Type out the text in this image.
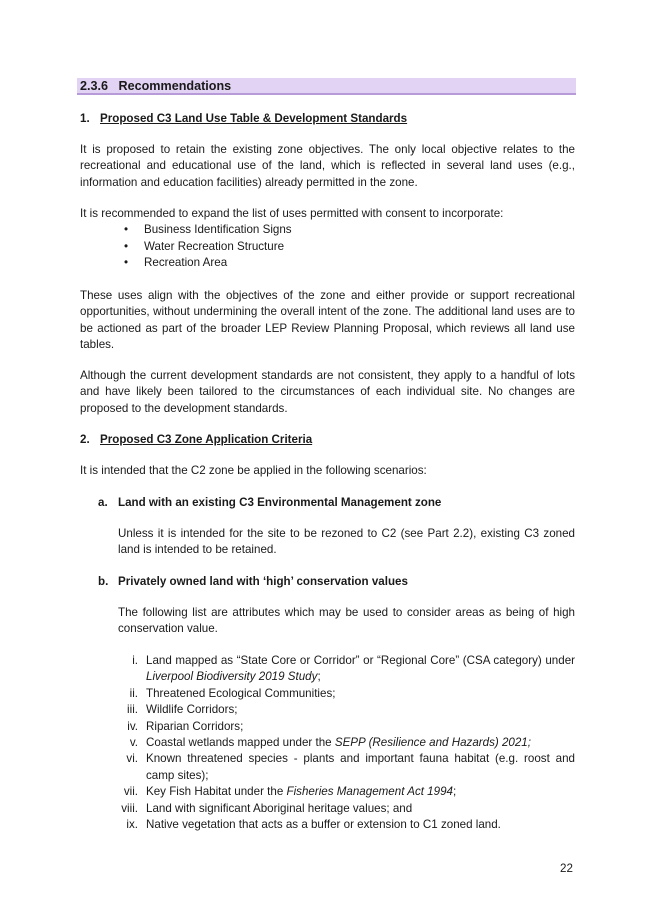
2.3.6 Recommendations
1. Proposed C3 Land Use Table & Development Standards

It is proposed to retain the existing zone objectives. The only local objective relates to the recreational and educational use of the land, which is reflected in several land uses (e.g., information and education facilities) already permitted in the zone.

It is recommended to expand the list of uses permitted with consent to incorporate:

• Business Identification Signs
• Water Recreation Structure
• Recreation Area

These uses align with the objectives of the zone and either provide or support recreational opportunities, without undermining the overall intent of the zone. The additional land uses are to be actioned as part of the broader LEP Review Planning Proposal, which reviews all land use tables.

Although the current development standards are not consistent, they apply to a handful of lots and have likely been tailored to the circumstances of each individual site. No changes are proposed to the development standards.

2. Proposed C3 Zone Application Criteria

It is intended that the C2 zone be applied in the following scenarios:

a. Land with an existing C3 Environmental Management zone

Unless it is intended for the site to be rezoned to C2 (see Part 2.2), existing C3 zoned land is intended to be retained.

b. Privately owned land with ‘high’ conservation values

The following list are attributes which may be used to consider areas as being of high conservation value.

i. Land mapped as “State Core or Corridor” or “Regional Core” (CSA category) under Liverpool Biodiversity 2019 Study;
ii. Threatened Ecological Communities;
iii. Wildlife Corridors;
iv. Riparian Corridors;
v. Coastal wetlands mapped under the SEPP (Resilience and Hazards) 2021;
vi. Known threatened species - plants and important fauna habitat (e.g. roost and camp sites);
vii. Key Fish Habitat under the Fisheries Management Act 1994;
viii. Land with significant Aboriginal heritage values; and
ix. Native vegetation that acts as a buffer or extension to C1 zoned land.
22
